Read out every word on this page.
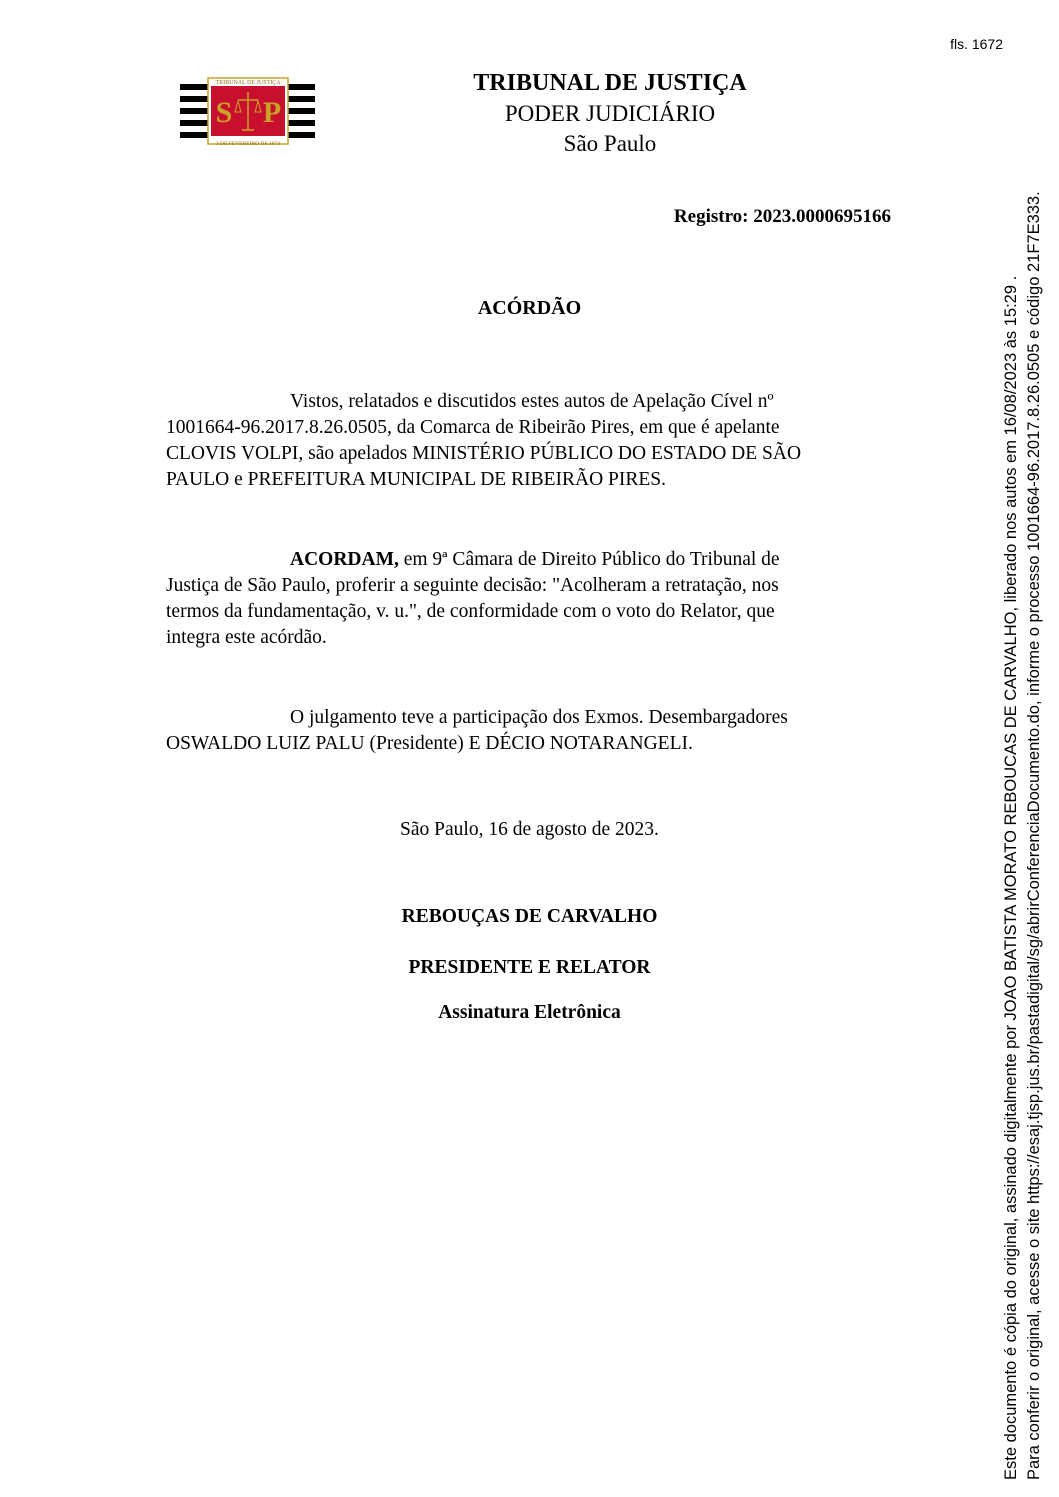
fls. 1672
TRIBUNAL DE JUSTIÇA
S P
3 DE FEVEREIRO DE 1874
TRIBUNAL DE JUSTIÇA
PODER JUDICIÁRIO
São Paulo
Registro: 2023.0000695166
ACÓRDÃO
Vistos, relatados e discutidos estes autos de Apelação Cível nº
1001664-96.2017.8.26.0505, da Comarca de Ribeirão Pires, em que é apelante
CLOVIS VOLPI, são apelados MINISTÉRIO PÚBLICO DO ESTADO DE SÃO
PAULO e PREFEITURA MUNICIPAL DE RIBEIRÃO PIRES.
ACORDAM, em 9ª Câmara de Direito Público do Tribunal de
Justiça de São Paulo, proferir a seguinte decisão: "Acolheram a retratação, nos
termos da fundamentação, v. u.", de conformidade com o voto do Relator, que
integra este acórdão.
O julgamento teve a participação dos Exmos. Desembargadores
OSWALDO LUIZ PALU (Presidente) E DÉCIO NOTARANGELI.
São Paulo, 16 de agosto de 2023.
REBOUÇAS DE CARVALHO
PRESIDENTE E RELATOR
Assinatura Eletrônica	Este documento é cópia do original, assinado digitalmente por JOAO BATISTA MORATO REBOUCAS DE CARVALHO, liberado nos autos em 16/08/2023 às 15:29 . Para conferir o original, acesse o site https://esaj.tjsp.jus.br/pastadigital/sg/abrirConferenciaDocumento.do, informe o processo 1001664-96.2017.8.26.0505 e código 21F7E333.
